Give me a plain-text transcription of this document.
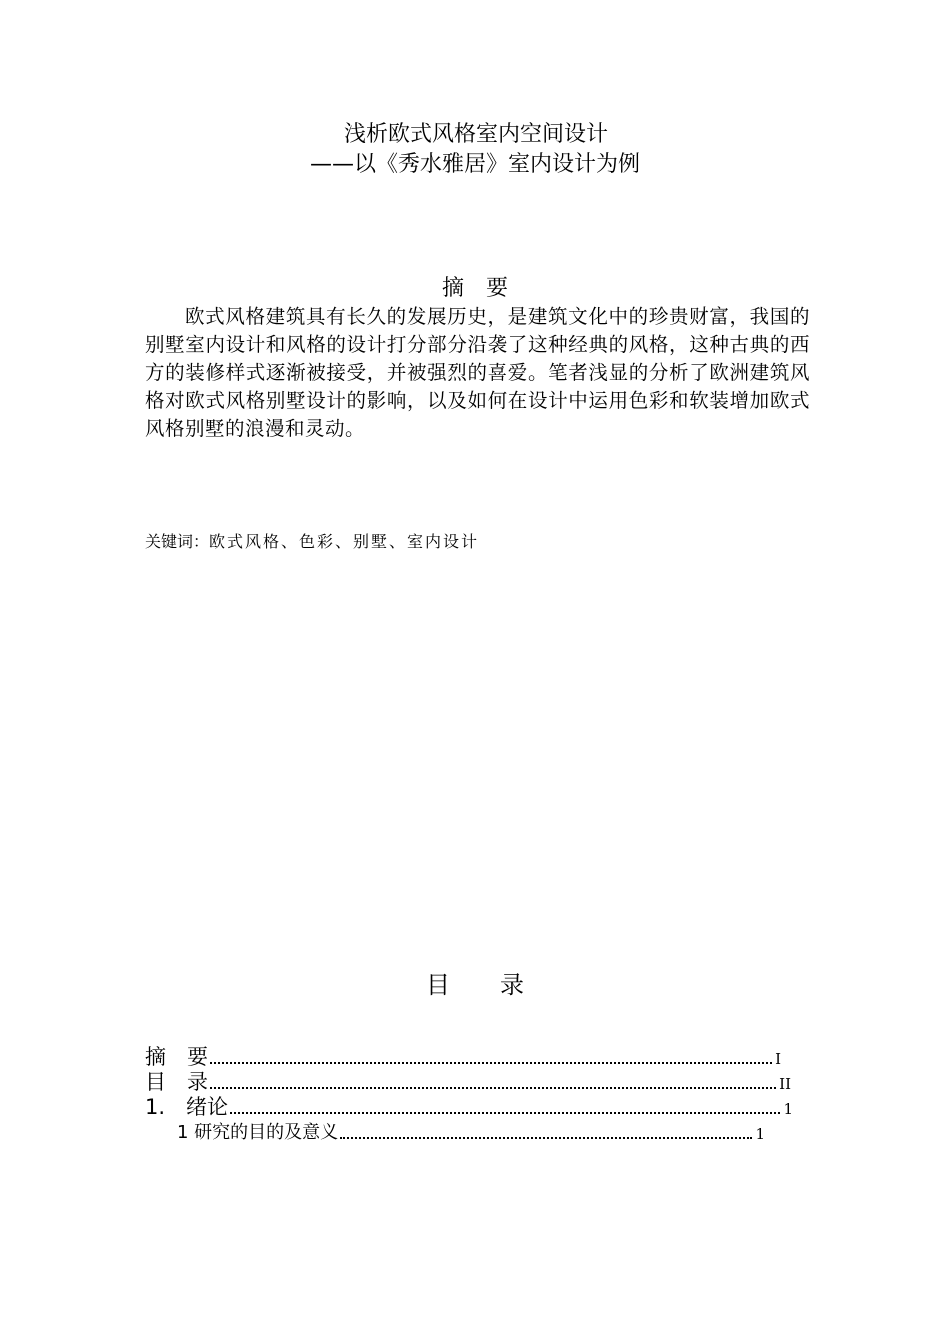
浅析欧式风格室内空间设计
——以《秀水雅居》室内设计为例
摘 要
欧式风格建筑具有长久的发展历史，是建筑文化中的珍贵财富，我国的别墅室内设计和风格的设计打分部分沿袭了这种经典的风格，这种古典的西方的装修样式逐渐被接受，并被强烈的喜爱。笔者浅显的分析了欧洲建筑风格对欧式风格别墅设计的影响，以及如何在设计中运用色彩和软装增加欧式风格别墅的浪漫和灵动。
关键词：欧式风格、色彩、别墅、室内设计
目 录
摘　要	I
目　录	II
1.　绪论	1
1 研究的目的及意义	1
